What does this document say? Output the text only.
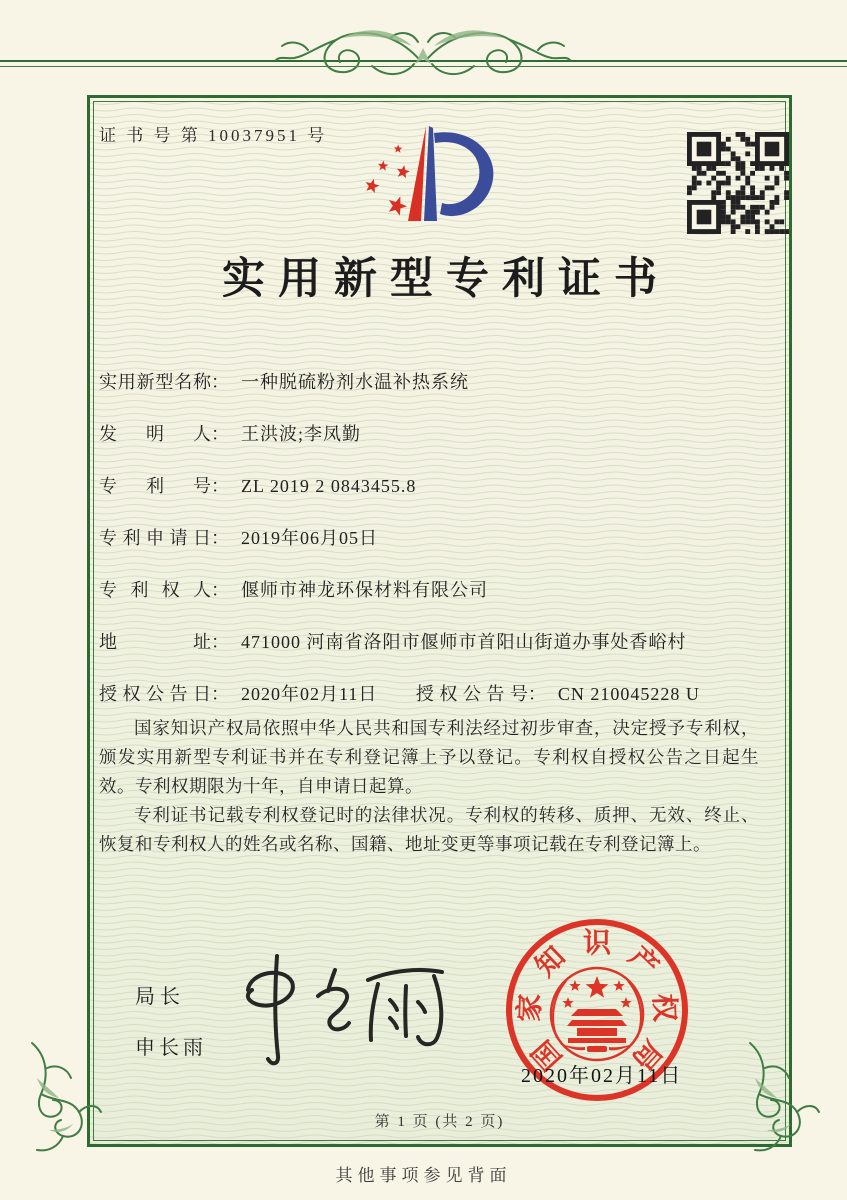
证 书 号 第 10037951 号
实用新型专利证书
实用新型名称： 一种脱硫粉剂水温补热系统
发明人： 王洪波;李凤勤
专利号： ZL 2019 2 0843455.8
专利申请日： 2019年06月05日
专利权人： 偃师市神龙环保材料有限公司
地址： 471000 河南省洛阳市偃师市首阳山街道办事处香峪村
授权公告日： 2020年02月11日 授权公告号： CN 210045228 U

国家知识产权局依照中华人民共和国专利法经过初步审查，决定授予专利权，颁发实用新型专利证书并在专利登记簿上予以登记。专利权自授权公告之日起生效。专利权期限为十年，自申请日起算。

专利证书记载专利权登记时的法律状况。专利权的转移、质押、无效、终止、恢复和专利权人的姓名或名称、国籍、地址变更等事项记载在专利登记簿上。

局长
申长雨	国
家
知 识 产
权
局
2020年02月11日
第 1 页 (共 2 页)
其他事项参见背面
